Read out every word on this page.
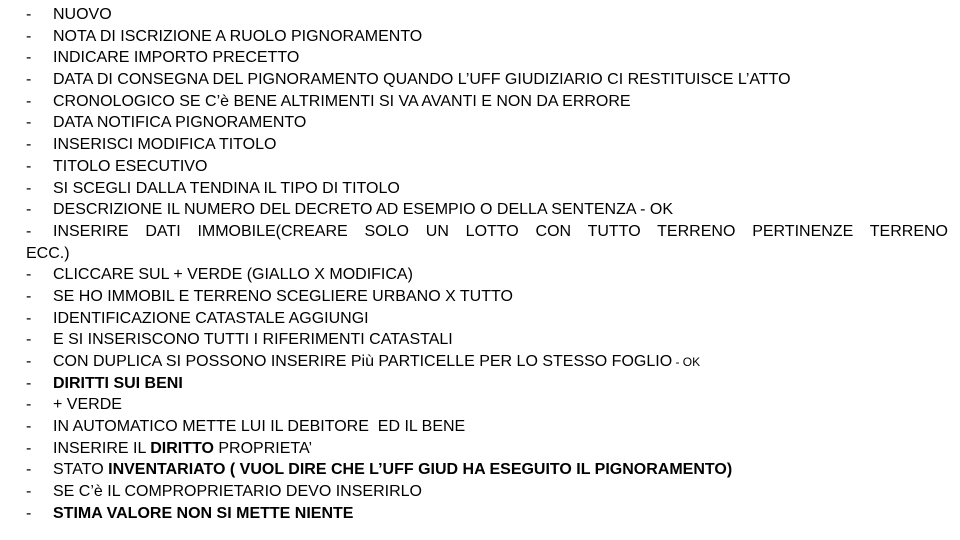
- NUOVO
- NOTA DI ISCRIZIONE A RUOLO PIGNORAMENTO
- INDICARE IMPORTO PRECETTO
- DATA DI CONSEGNA DEL PIGNORAMENTO QUANDO L’UFF GIUDIZIARIO CI RESTITUISCE L’ATTO
- CRONOLOGICO SE C’è BENE ALTRIMENTI SI VA AVANTI E NON DA ERRORE
- DATA NOTIFICA PIGNORAMENTO
- INSERISCI MODIFICA TITOLO
- TITOLO ESECUTIVO
- SI SCEGLI DALLA TENDINA IL TIPO DI TITOLO
- DESCRIZIONE IL NUMERO DEL DECRETO AD ESEMPIO O DELLA SENTENZA - OK
- INSERIRE DATI IMMOBILE(CREARE SOLO UN LOTTO CON TUTTO TERRENO PERTINENZE TERRENO
ECC.)
- CLICCARE SUL + VERDE (GIALLO X MODIFICA)
- SE HO IMMOBIL E TERRENO SCEGLIERE URBANO X TUTTO
- IDENTIFICAZIONE CATASTALE AGGIUNGI
- E SI INSERISCONO TUTTI I RIFERIMENTI CATASTALI
- CON DUPLICA SI POSSONO INSERIRE Più PARTICELLE PER LO STESSO FOGLIO - OK
- DIRITTI SUI BENI
- + VERDE
- IN AUTOMATICO METTE LUI IL DEBITORE  ED IL BENE
- INSERIRE IL DIRITTO PROPRIETA’
- STATO INVENTARIATO ( VUOL DIRE CHE L’UFF GIUD HA ESEGUITO IL PIGNORAMENTO)
- SE C’è IL COMPROPRIETARIO DEVO INSERIRLO
- STIMA VALORE NON SI METTE NIENTE
